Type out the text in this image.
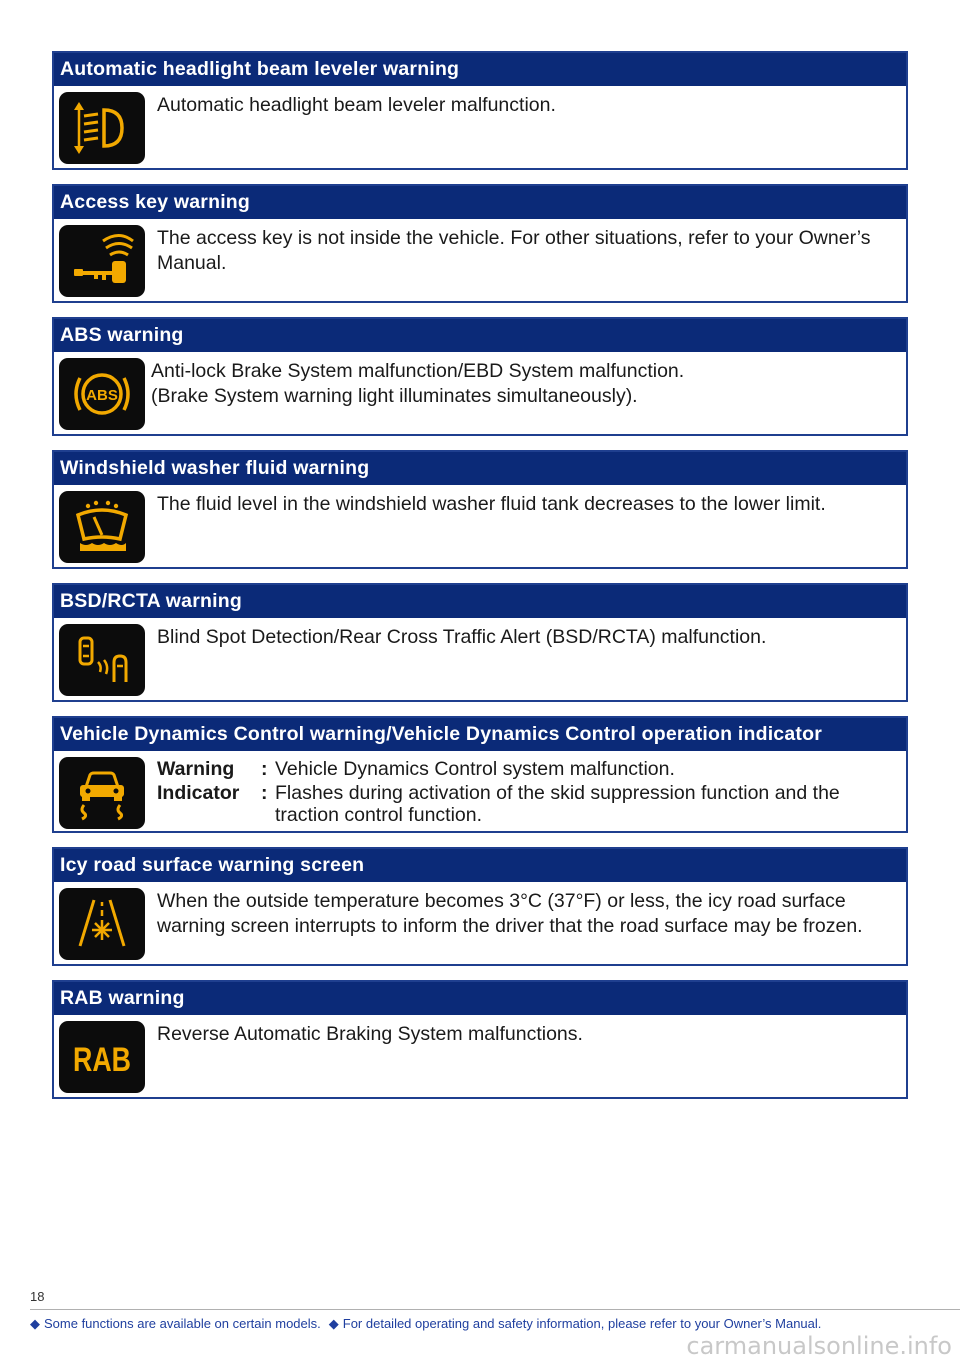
Automatic headlight beam leveler warning

Automatic headlight beam leveler malfunction.

Access key warning

The access key is not inside the vehicle. For other situations, refer to your Owner’s Manual.

ABS warning
ABS

Anti-lock Brake System malfunction/EBD System malfunction.

(Brake System warning light illuminates simultaneously).

Windshield washer fluid warning

The fluid level in the windshield washer fluid tank decreases to the lower limit.

BSD/RCTA warning

Blind Spot Detection/Rear Cross Traffic Alert (BSD/RCTA) malfunction.

Vehicle Dynamics Control warning/Vehicle Dynamics Control operation indicator
Warning	: Vehicle Dynamics Control system malfunction.
Indicator	: Flashes during activation of the skid suppression function and the traction control function.
Icy road surface warning screen

When the outside temperature becomes 3°C (37°F) or less, the icy road surface warning screen interrupts to inform the driver that the road surface may be frozen.

RAB warning
RAB

Reverse Automatic Braking System malfunctions.

18
◆ Some functions are available on certain models. ◆ For detailed operating and safety information, please refer to your Owner’s Manual.
carmanualsonline.info
